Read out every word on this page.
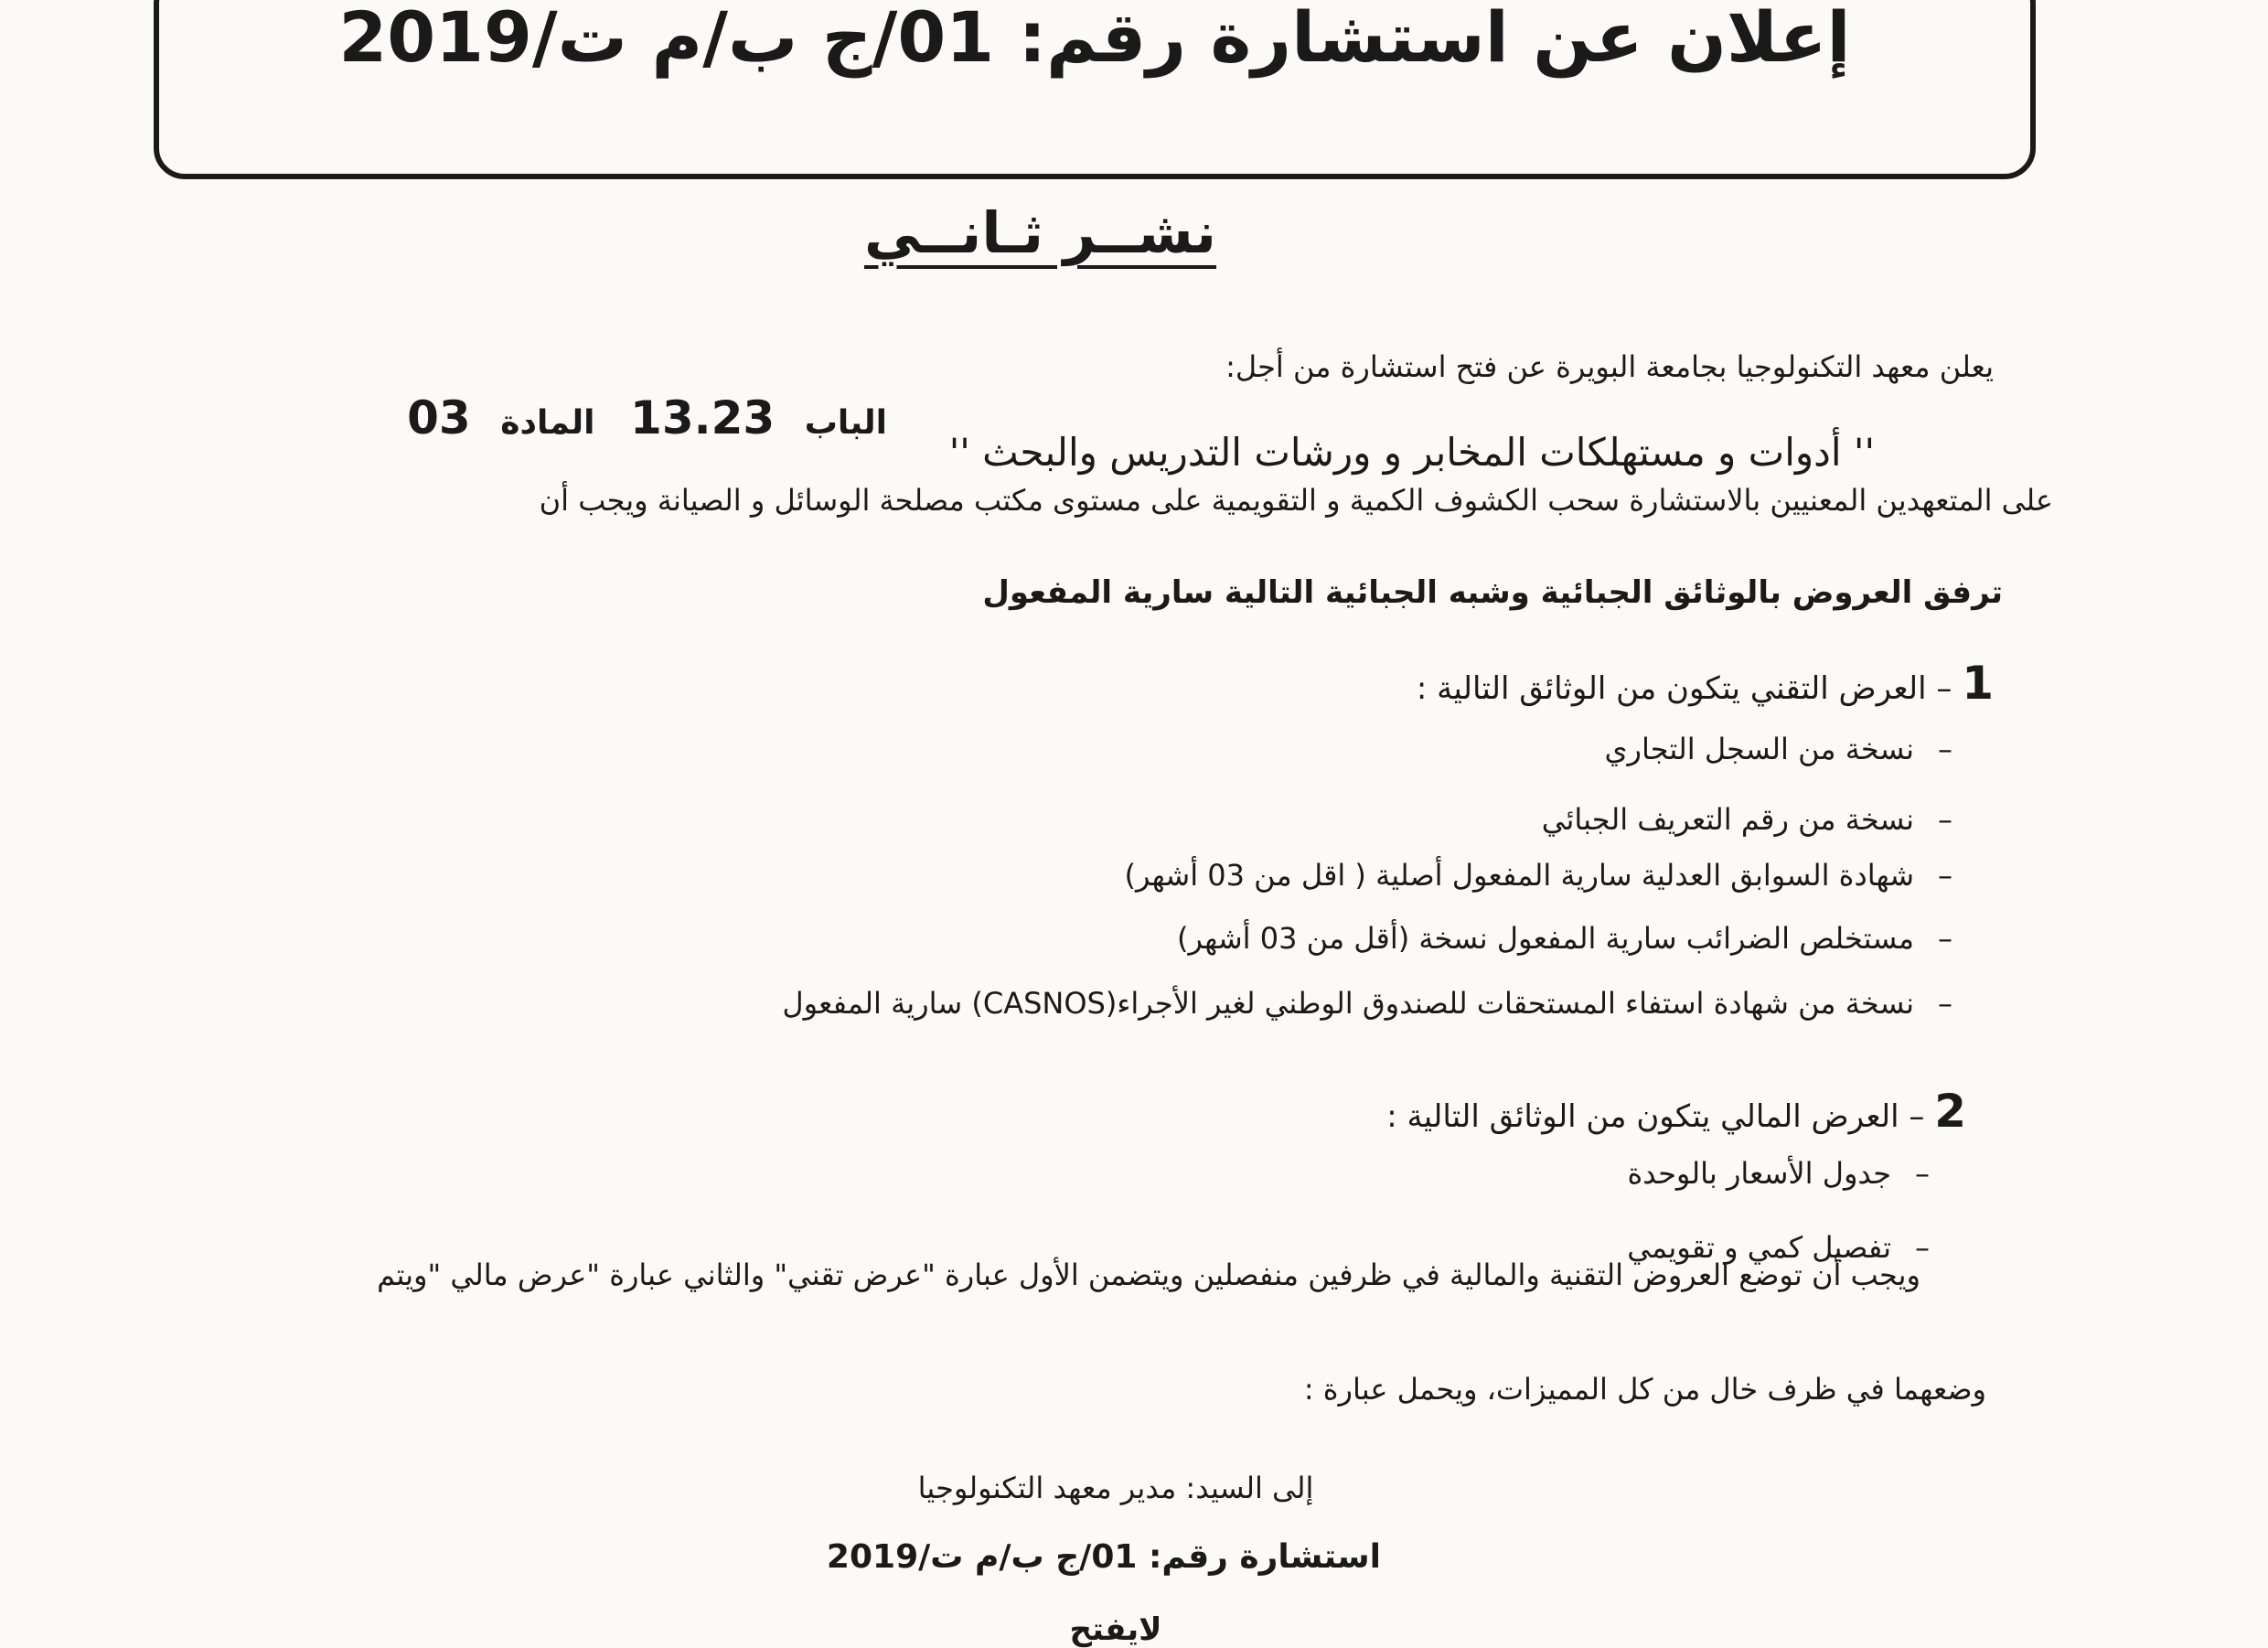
إعلان عن استشارة رقم: 01/ج ب/م ت/2019
نشــر ثـانــي
يعلن معهد التكنولوجيا بجامعة البويرة عن فتح استشارة من أجل:
الباب 13.23 المادة 03
'' أدوات و مستهلكات المخابر و ورشات التدريس والبحث ''
على المتعهدين المعنيين بالاستشارة سحب الكشوف الكمية و التقويمية على مستوى مكتب مصلحة الوسائل و الصيانة ويجب أن
ترفق العروض بالوثائق الجبائية وشبه الجبائية التالية سارية المفعول
1 – العرض التقني يتكون من الوثائق التالية :
–نسخة من السجل التجاري
–نسخة من رقم التعريف الجبائي
–شهادة السوابق العدلية سارية المفعول أصلية ( اقل من 03 أشهر)
–مستخلص الضرائب سارية المفعول نسخة (أقل من 03 أشهر)
–نسخة من شهادة استفاء المستحقات للصندوق الوطني لغير الأجراء(CASNOS) سارية المفعول
2 – العرض المالي يتكون من الوثائق التالية :
–جدول الأسعار بالوحدة
–تفصيل كمي و تقويمي
ويجب أن توضع العروض التقنية والمالية في ظرفين منفصلين ويتضمن الأول عبارة "عرض تقني" والثاني عبارة "عرض مالي "ويتم
وضعهما في ظرف خال من كل المميزات، ويحمل عبارة :
إلى السيد: مدير معهد التكنولوجيا
استشارة رقم: 01/ج ب/م ت/2019
لايفتح
